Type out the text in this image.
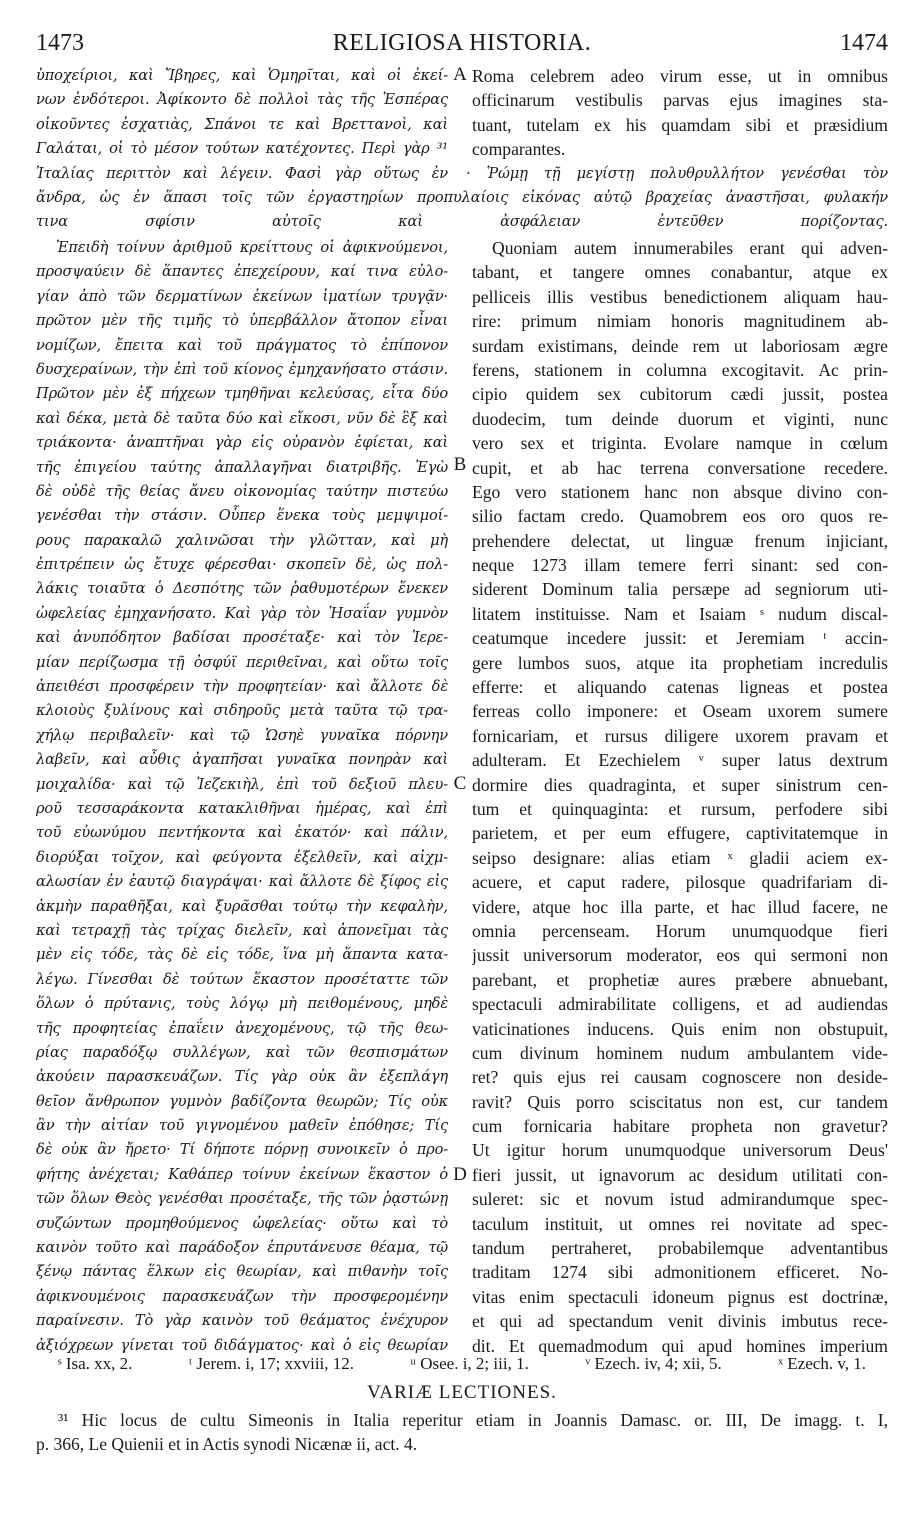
1473	RELIGIOSA HISTORIA.	1474
ὑποχείριοι, καὶ Ἴβηρες, καὶ Ὁμηρῖται, καὶ οἱ ἐκεί-
νων ἐνδότεροι. Ἀφίκοντο δὲ πολλοὶ τὰς τῆς Ἑσπέρας
οἰκοῦντες ἐσχατιὰς, Σπάνοι τε καὶ Βρεττανοὶ, καὶ
Γαλάται, οἱ τὸ μέσον τούτων κατέχοντες. Περὶ γὰρ ³¹
Ἰταλίας περιττὸν καὶ λέγειν. Φασὶ γὰρ οὕτως ἐν
A Roma celebrem adeo virum esse, ut in omnibus
officinarum vestibulis parvas ejus imagines sta-
tuant, tutelam ex his quamdam sibi et præsidium
comparantes.
· Ῥώμῃ τῇ μεγίστῃ πολυθρυλλήτον γενέσθαι τὸν
ἄνδρα, ὡς ἐν ἅπασι τοῖς τῶν ἐργαστηρίων προπυλαίοις εἰκόνας αὐτῷ βραχείας ἀναστῆσαι, φυλακήν
τινα σφίσιν αὐτοῖς καὶ ἀσφάλειαν ἐντεῦθεν πορίζοντας.
Ἐπειδὴ τοίνυν ἀριθμοῦ κρείττους οἱ ἀφικνούμενοι,
προσψαύειν δὲ ἅπαντες ἐπεχείρουν, καί τινα εὐλο-
γίαν ἀπὸ τῶν δερματίνων ἐκείνων ἱματίων τρυγᾷν·
πρῶτον μὲν τῆς τιμῆς τὸ ὑπερβάλλον ἄτοπον εἶναι
νομίζων, ἔπειτα καὶ τοῦ πράγματος τὸ ἐπίπονον
δυσχεραίνων, τὴν ἐπὶ τοῦ κίονος ἐμηχανήσατο στάσιν.
Πρῶτον μὲν ἐξ πήχεων τμηθῆναι κελεύσας, εἶτα δύο
καὶ δέκα, μετὰ δὲ ταῦτα δύο καὶ εἴκοσι, νῦν δὲ ἓξ καὶ
τριάκοντα· ἀναπτῆναι γὰρ εἰς οὐρανὸν ἐφίεται, καὶ
τῆς ἐπιγείου ταύτης ἀπαλλαγῆναι διατριβῆς. Ἐγὼ
δὲ οὐδὲ τῆς θείας ἄνευ οἰκονομίας ταύτην πιστεύω
γενέσθαι τὴν στάσιν. Οὗπερ ἕνεκα τοὺς μεμψιμοί-
ρους παρακαλῶ χαλινῶσαι τὴν γλῶτταν, καὶ μὴ
ἐπιτρέπειν ὡς ἔτυχε φέρεσθαι· σκοπεῖν δὲ, ὡς πολ-
λάκις τοιαῦτα ὁ Δεσπότης τῶν ῥαθυμοτέρων ἕνεκεν
ὠφελείας ἐμηχανήσατο. Καὶ γὰρ τὸν Ἡσαΐαν γυμνὸν
καὶ ἀνυπόδητον βαδίσαι προσέταξε· καὶ τὸν Ἱερε-
μίαν περίζωσμα τῇ ὀσφύϊ περιθεῖναι, καὶ οὕτω τοῖς
ἀπειθέσι προσφέρειν τὴν προφητείαν· καὶ ἄλλοτε δὲ
κλοιοὺς ξυλίνους καὶ σιδηροῦς μετὰ ταῦτα τῷ τρα-
χήλῳ περιβαλεῖν· καὶ τῷ Ὡσηὲ γυναῖκα πόρνην
λαβεῖν, καὶ αὖθις ἀγαπῆσαι γυναῖκα πονηρὰν καὶ
μοιχαλίδα· καὶ τῷ Ἰεζεκιὴλ, ἐπὶ τοῦ δεξιοῦ πλευ-
ροῦ τεσσαράκοντα κατακλιθῆναι ἡμέρας, καὶ ἐπὶ
τοῦ εὐωνύμου πεντήκοντα καὶ ἑκατόν· καὶ πάλιν,
διορύξαι τοῖχον, καὶ φεύγοντα ἐξελθεῖν, καὶ αἰχμ-
αλωσίαν ἐν ἑαυτῷ διαγράψαι· καὶ ἄλλοτε δὲ ξίφος εἰς
ἀκμὴν παραθῆξαι, καὶ ξυρᾶσθαι τούτῳ τὴν κεφαλὴν,
καὶ τετραχῇ τὰς τρίχας διελεῖν, καὶ ἀπονεῖμαι τὰς
μὲν εἰς τόδε, τὰς δὲ εἰς τόδε, ἵνα μὴ ἅπαντα κατα-
λέγω. Γίνεσθαι δὲ τούτων ἕκαστον προσέταττε τῶν
ὅλων ὁ πρύτανις, τοὺς λόγῳ μὴ πειθομένους, μηδὲ
τῆς προφητείας ἐπαΐειν ἀνεχομένους, τῷ τῆς θεω-
ρίας παραδόξῳ συλλέγων, καὶ τῶν θεσπισμάτων
ἀκούειν παρασκευάζων. Τίς γὰρ οὐκ ἂν ἐξεπλάγη
θεῖον ἄνθρωπον γυμνὸν βαδίζοντα θεωρῶν; Τίς οὐκ
ἂν τὴν αἰτίαν τοῦ γιγνομένου μαθεῖν ἐπόθησε; Τίς
δὲ οὐκ ἂν ἤρετο· Τί δήποτε πόρνῃ συνοικεῖν ὁ προ-
φήτης ἀνέχεται; Καθάπερ τοίνυν ἐκείνων ἕκαστον ὁ
τῶν ὅλων Θεὸς γενέσθαι προσέταξε, τῆς τῶν ῥᾳστώνῃ
συζώντων προμηθούμενος ὠφελείας· οὕτω καὶ τὸ
καινὸν τοῦτο καὶ παράδοξον ἐπρυτάνευσε θέαμα, τῷ
ξένῳ πάντας ἕλκων εἰς θεωρίαν, καὶ πιθανὴν τοῖς
ἀφικνουμένοις παρασκευάζων τὴν προσφερομένην
παραίνεσιν. Τὸ γὰρ καινὸν τοῦ θεάματος ἐνέχυρον
ἀξιόχρεων γίνεται τοῦ διδάγματος· καὶ ὁ εἰς θεωρίαν
B
C
D
Quoniam autem innumerabiles erant qui adven-
tabant, et tangere omnes conabantur, atque ex
pelliceis illis vestibus benedictionem aliquam hau-
rire: primum nimiam honoris magnitudinem ab-
surdam existimans, deinde rem ut laboriosam ægre
ferens, stationem in columna excogitavit. Ac prin-
cipio quidem sex cubitorum cædi jussit, postea
duodecim, tum deinde duorum et viginti, nunc
vero sex et triginta. Evolare namque in cœlum
cupit, et ab hac terrena conversatione recedere.
Ego vero stationem hanc non absque divino con-
silio factam credo. Quamobrem eos oro quos re-
prehendere delectat, ut linguæ frenum injiciant,
neque 1273 illam temere ferri sinant: sed con-
siderent Dominum talia persæpe ad segniorum uti-
litatem instituisse. Nam et Isaiam ˢ nudum discal-
ceatumque incedere jussit: et Jeremiam ᵗ accin-
gere lumbos suos, atque ita prophetiam incredulis
efferre: et aliquando catenas ligneas et postea
ferreas collo imponere: et Oseam uxorem sumere
fornicariam, et rursus diligere uxorem pravam et
adulteram. Et Ezechielem ᵛ super latus dextrum
dormire dies quadraginta, et super sinistrum cen-
tum et quinquaginta: et rursum, perfodere sibi
parietem, et per eum effugere, captivitatemque in
seipso designare: alias etiam ˣ gladii aciem ex-
acuere, et caput radere, pilosque quadrifariam di-
videre, atque hoc illa parte, et hac illud facere, ne
omnia percenseam. Horum unumquodque fieri
jussit universorum moderator, eos qui sermoni non
parebant, et prophetiæ aures præbere abnuebant,
spectaculi admirabilitate colligens, et ad audiendas
vaticinationes inducens. Quis enim non obstupuit,
cum divinum hominem nudum ambulantem vide-
ret? quis ejus rei causam cognoscere non deside-
ravit? Quis porro sciscitatus non est, cur tandem
cum fornicaria habitare propheta non gravetur?
Ut igitur horum unumquodque universorum Deus'
fieri jussit, ut ignavorum ac desidum utilitati con-
suleret: sic et novum istud admirandumque spec-
taculum instituit, ut omnes rei novitate ad spec-
tandum pertraheret, probabilemque adventantibus
traditam 1274 sibi admonitionem efficeret. No-
vitas enim spectaculi idoneum pignus est doctrinæ,
et qui ad spectandum venit divinis imbutus rece-
dit. Et quemadmodum qui apud homines imperium
ˢ Isa. xx, 2.	ᵗ Jerem. i, 17; xxviii, 12.	ᵘ Osee. i, 2; iii, 1.	ᵛ Ezech. iv, 4; xii, 5.	ˣ Ezech. v, 1.
VARIÆ LECTIONES.
³¹ Hic locus de cultu Simeonis in Italia reperitur etiam in Joannis Damasc. or. III, De imagg. t. I,
p. 366, Le Quienii et in Actis synodi Nicænæ ii, act. 4.
